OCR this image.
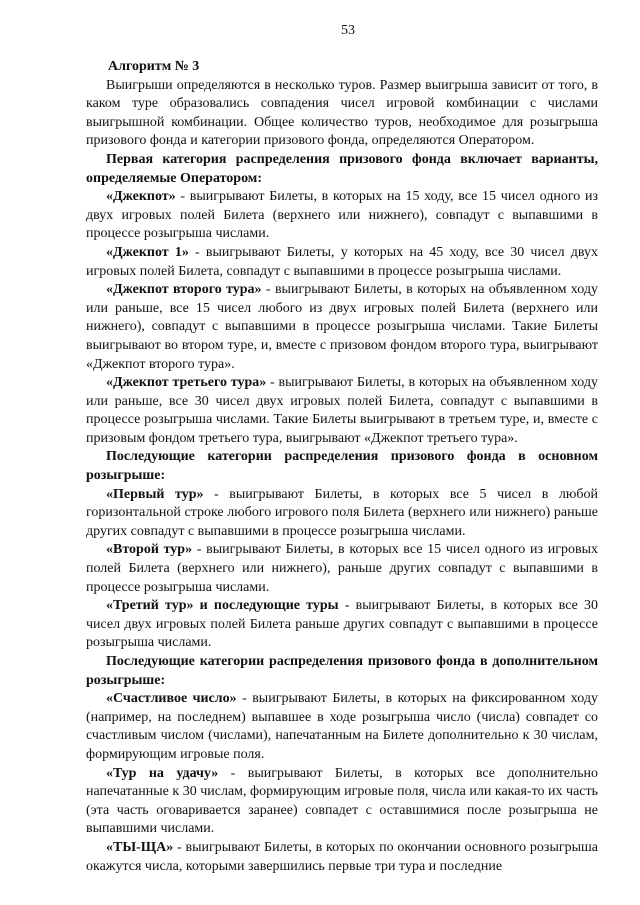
53

Алгоритм № 3

Выигрыши определяются в несколько туров. Размер выигрыша зависит от того, в каком туре образовались совпадения чисел игровой комбинации с числами выигрышной комбинации. Общее количество туров, необходимое для розыгрыша призового фонда и категории призового фонда, определяются Оператором.

Первая категория распределения призового фонда включает варианты, определяемые Оператором:

«Джекпот» - выигрывают Билеты, в которых на 15 ходу, все 15 чисел одного из двух игровых полей Билета (верхнего или нижнего), совпадут с выпавшими в процессе розыгрыша числами.

«Джекпот 1» - выигрывают Билеты, у которых на 45 ходу, все 30 чисел двух игровых полей Билета, совпадут с выпавшими в процессе розыгрыша числами.

«Джекпот второго тура» - выигрывают Билеты, в которых на объявленном ходу или раньше, все 15 чисел любого из двух игровых полей Билета (верхнего или нижнего), совпадут с выпавшими в процессе розыгрыша числами. Такие Билеты выигрывают во втором туре, и, вместе с призовом фондом второго тура, выигрывают «Джекпот второго тура».

«Джекпот третьего тура» - выигрывают Билеты, в которых на объявленном ходу или раньше, все 30 чисел двух игровых полей Билета, совпадут с выпавшими в процессе розыгрыша числами. Такие Билеты выигрывают в третьем туре, и, вместе с призовым фондом третьего тура, выигрывают «Джекпот третьего тура».

Последующие категории распределения призового фонда в основном розыгрыше:

«Первый тур» - выигрывают Билеты, в которых все 5 чисел в любой горизонтальной строке любого игрового поля Билета (верхнего или нижнего) раньше других совпадут с выпавшими в процессе розыгрыша числами.

«Второй тур» - выигрывают Билеты, в которых все 15 чисел одного из игровых полей Билета (верхнего или нижнего), раньше других совпадут с выпавшими в процессе розыгрыша числами.

«Третий тур» и последующие туры - выигрывают Билеты, в которых все 30 чисел двух игровых полей Билета раньше других совпадут с выпавшими в процессе розыгрыша числами.

Последующие категории распределения призового фонда в дополнительном розыгрыше:

«Счастливое число» - выигрывают Билеты, в которых на фиксированном ходу (например, на последнем) выпавшее в ходе розыгрыша число (числа) совпадет со счастливым числом (числами), напечатанным на Билете дополнительно к 30 числам, формирующим игровые поля.

«Тур на удачу» - выигрывают Билеты, в которых все дополнительно напечатанные к 30 числам, формирующим игровые поля, числа или какая-то их часть (эта часть оговаривается заранее) совпадет с оставшимися после розыгрыша не выпавшими числами.

«ТЫ-ЩА» - выигрывают Билеты, в которых по окончании основного розыгрыша окажутся числа, которыми завершились первые три тура и последние
